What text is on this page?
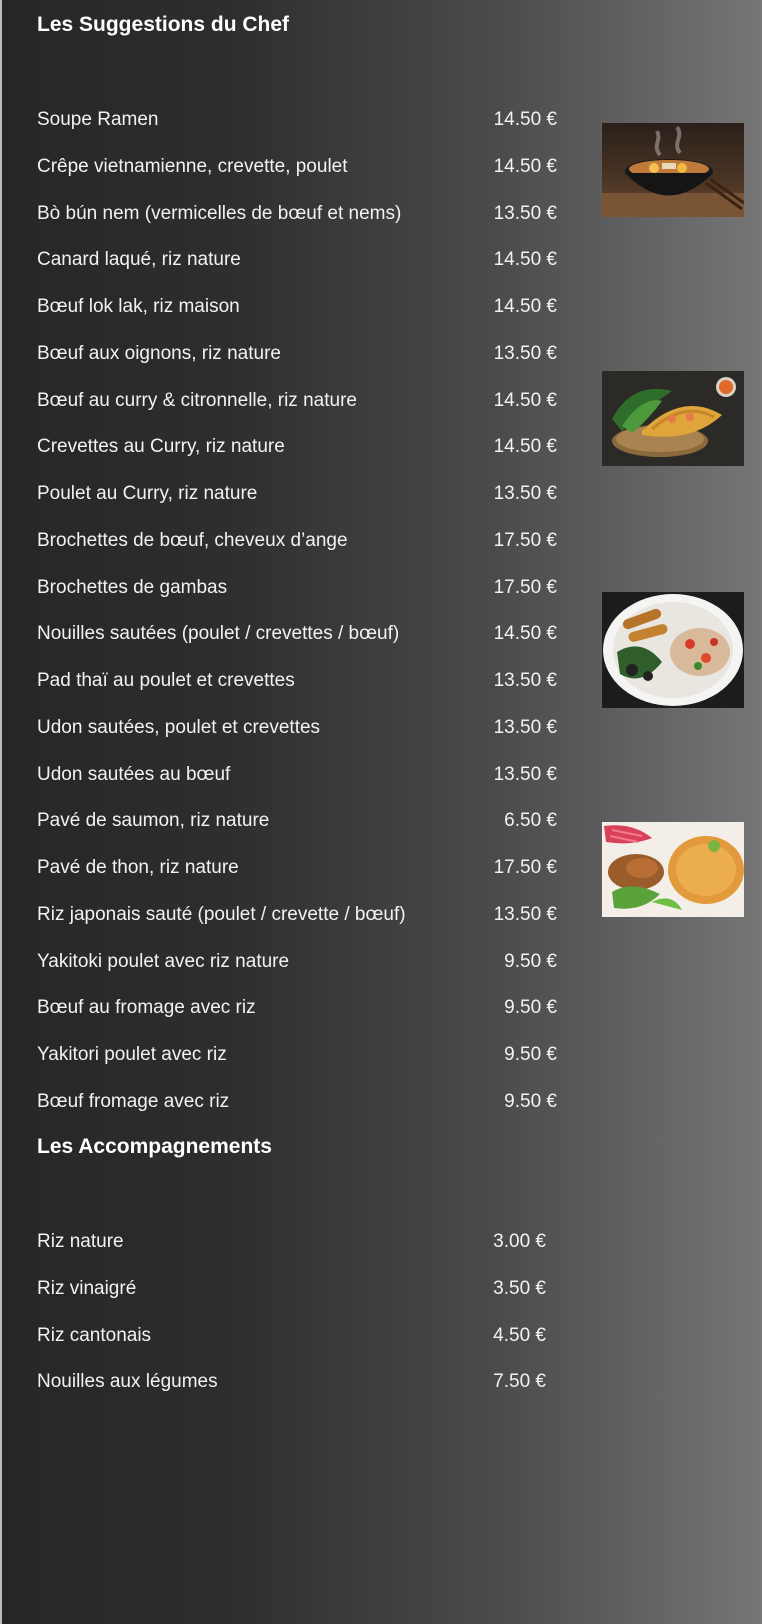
Les Suggestions du Chef
Soupe Ramen	14.50 €
Crêpe vietnamienne, crevette, poulet	14.50 €
Bò bún nem (vermicelles de bœuf et nems)	13.50 €
Canard laqué, riz nature	14.50 €
Bœuf lok lak, riz maison	14.50 €
Bœuf aux oignons, riz nature	13.50 €
Bœuf au curry & citronnelle, riz nature	14.50 €
Crevettes au Curry, riz nature	14.50 €
Poulet au Curry, riz nature	13.50 €
Brochettes de bœuf, cheveux d’ange	17.50 €
Brochettes de gambas	17.50 €
Nouilles sautées (poulet / crevettes / bœuf)	14.50 €
Pad thaï au poulet et crevettes	13.50 €
Udon sautées, poulet et crevettes	13.50 €
Udon sautées au bœuf	13.50 €
Pavé de saumon, riz nature	6.50 €
Pavé de thon, riz nature	17.50 €
Riz japonais sauté (poulet / crevette / bœuf)	13.50 €
Yakitoki poulet avec riz nature	9.50 €
Bœuf au fromage avec riz	9.50 €
Yakitori poulet avec riz	9.50 €
Bœuf fromage avec riz	9.50 €
Les Accompagnements
Riz nature	3.00 €
Riz vinaigré	3.50 €
Riz cantonais	4.50 €
Nouilles aux légumes	7.50 €
